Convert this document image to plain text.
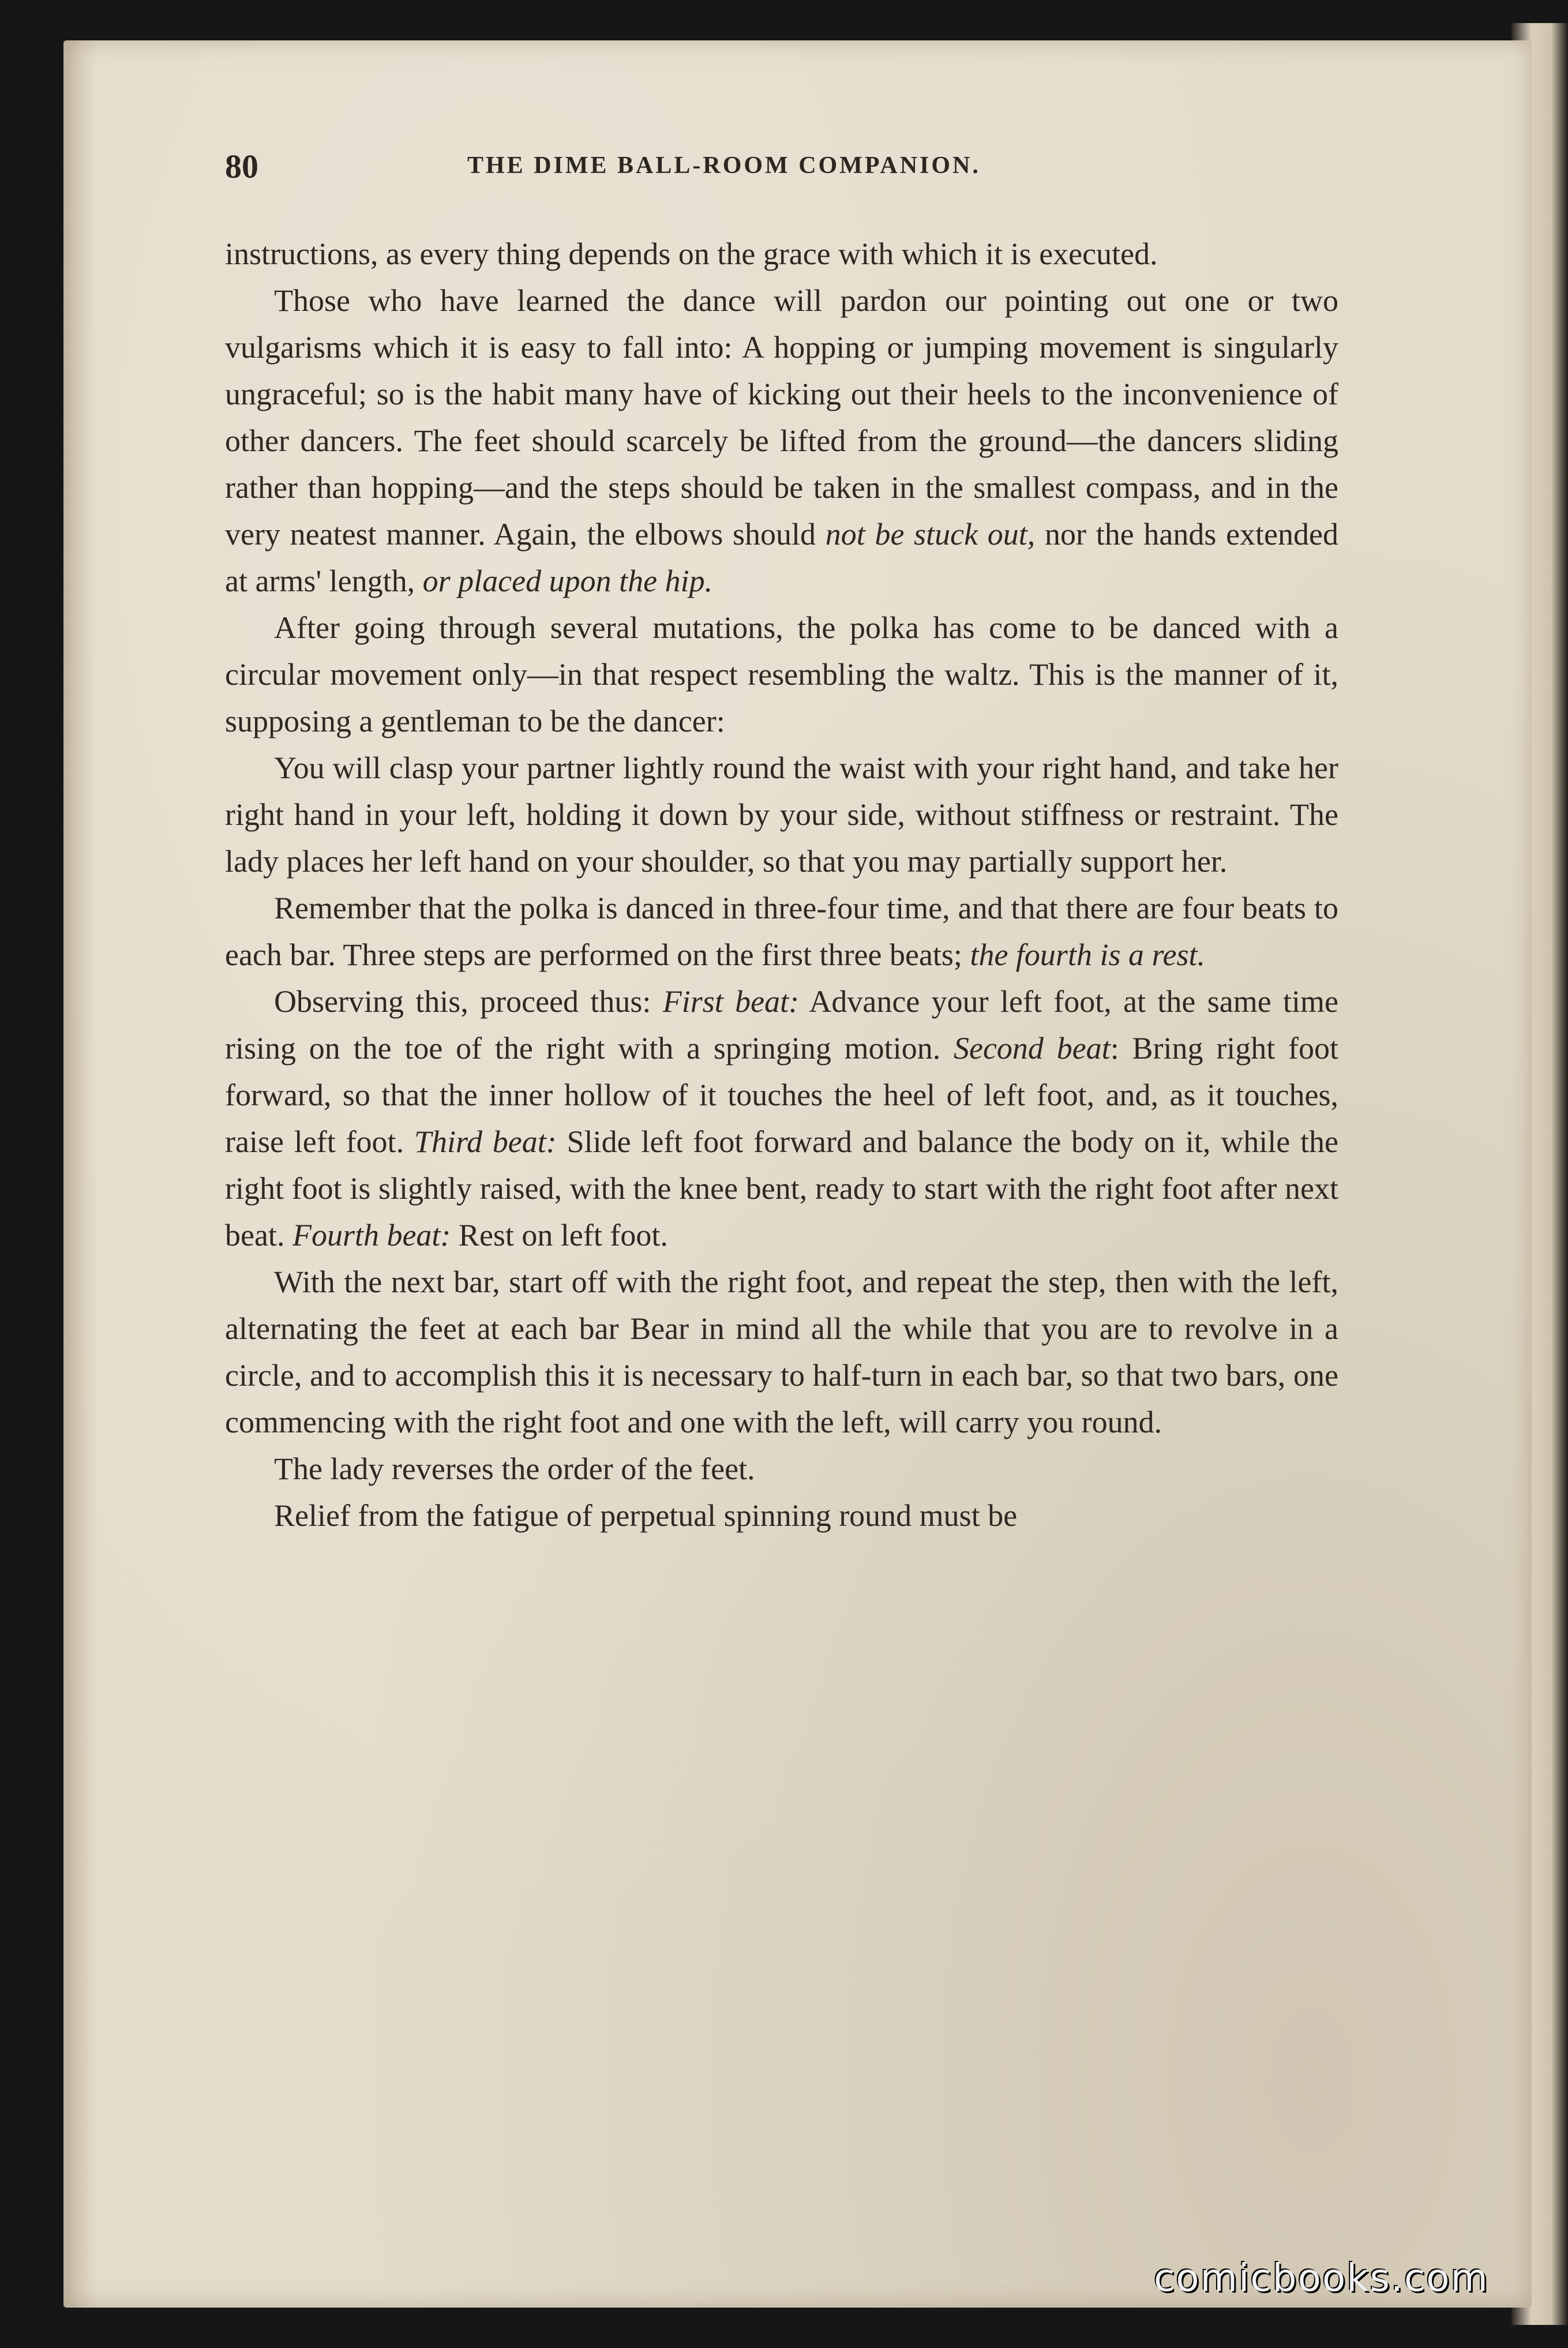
80	THE DIME BALL-ROOM COMPANION.

instructions, as every thing depends on the grace with which it is executed.

Those who have learned the dance will pardon our pointing out one or two vulgarisms which it is easy to fall into: A hopping or jumping movement is singularly ungraceful; so is the habit many have of kicking out their heels to the inconvenience of other dancers. The feet should scarcely be lifted from the ground—the dancers sliding rather than hopping—and the steps should be taken in the smallest compass, and in the very neatest manner. Again, the elbows should not be stuck out, nor the hands extended at arms' length, or placed upon the hip.

After going through several mutations, the polka has come to be danced with a circular movement only—in that respect resembling the waltz. This is the manner of it, supposing a gentleman to be the dancer:

You will clasp your partner lightly round the waist with your right hand, and take her right hand in your left, holding it down by your side, without stiffness or restraint. The lady places her left hand on your shoulder, so that you may partially support her.

Remember that the polka is danced in three-four time, and that there are four beats to each bar. Three steps are performed on the first three beats; the fourth is a rest.

Observing this, proceed thus: First beat: Advance your left foot, at the same time rising on the toe of the right with a springing motion. Second beat: Bring right foot forward, so that the inner hollow of it touches the heel of left foot, and, as it touches, raise left foot. Third beat: Slide left foot forward and balance the body on it, while the right foot is slightly raised, with the knee bent, ready to start with the right foot after next beat. Fourth beat: Rest on left foot.

With the next bar, start off with the right foot, and repeat the step, then with the left, alternating the feet at each bar Bear in mind all the while that you are to revolve in a circle, and to accomplish this it is necessary to half-turn in each bar, so that two bars, one commencing with the right foot and one with the left, will carry you round.

The lady reverses the order of the feet.

Relief from the fatigue of perpetual spinning round must be

comicbooks.com
